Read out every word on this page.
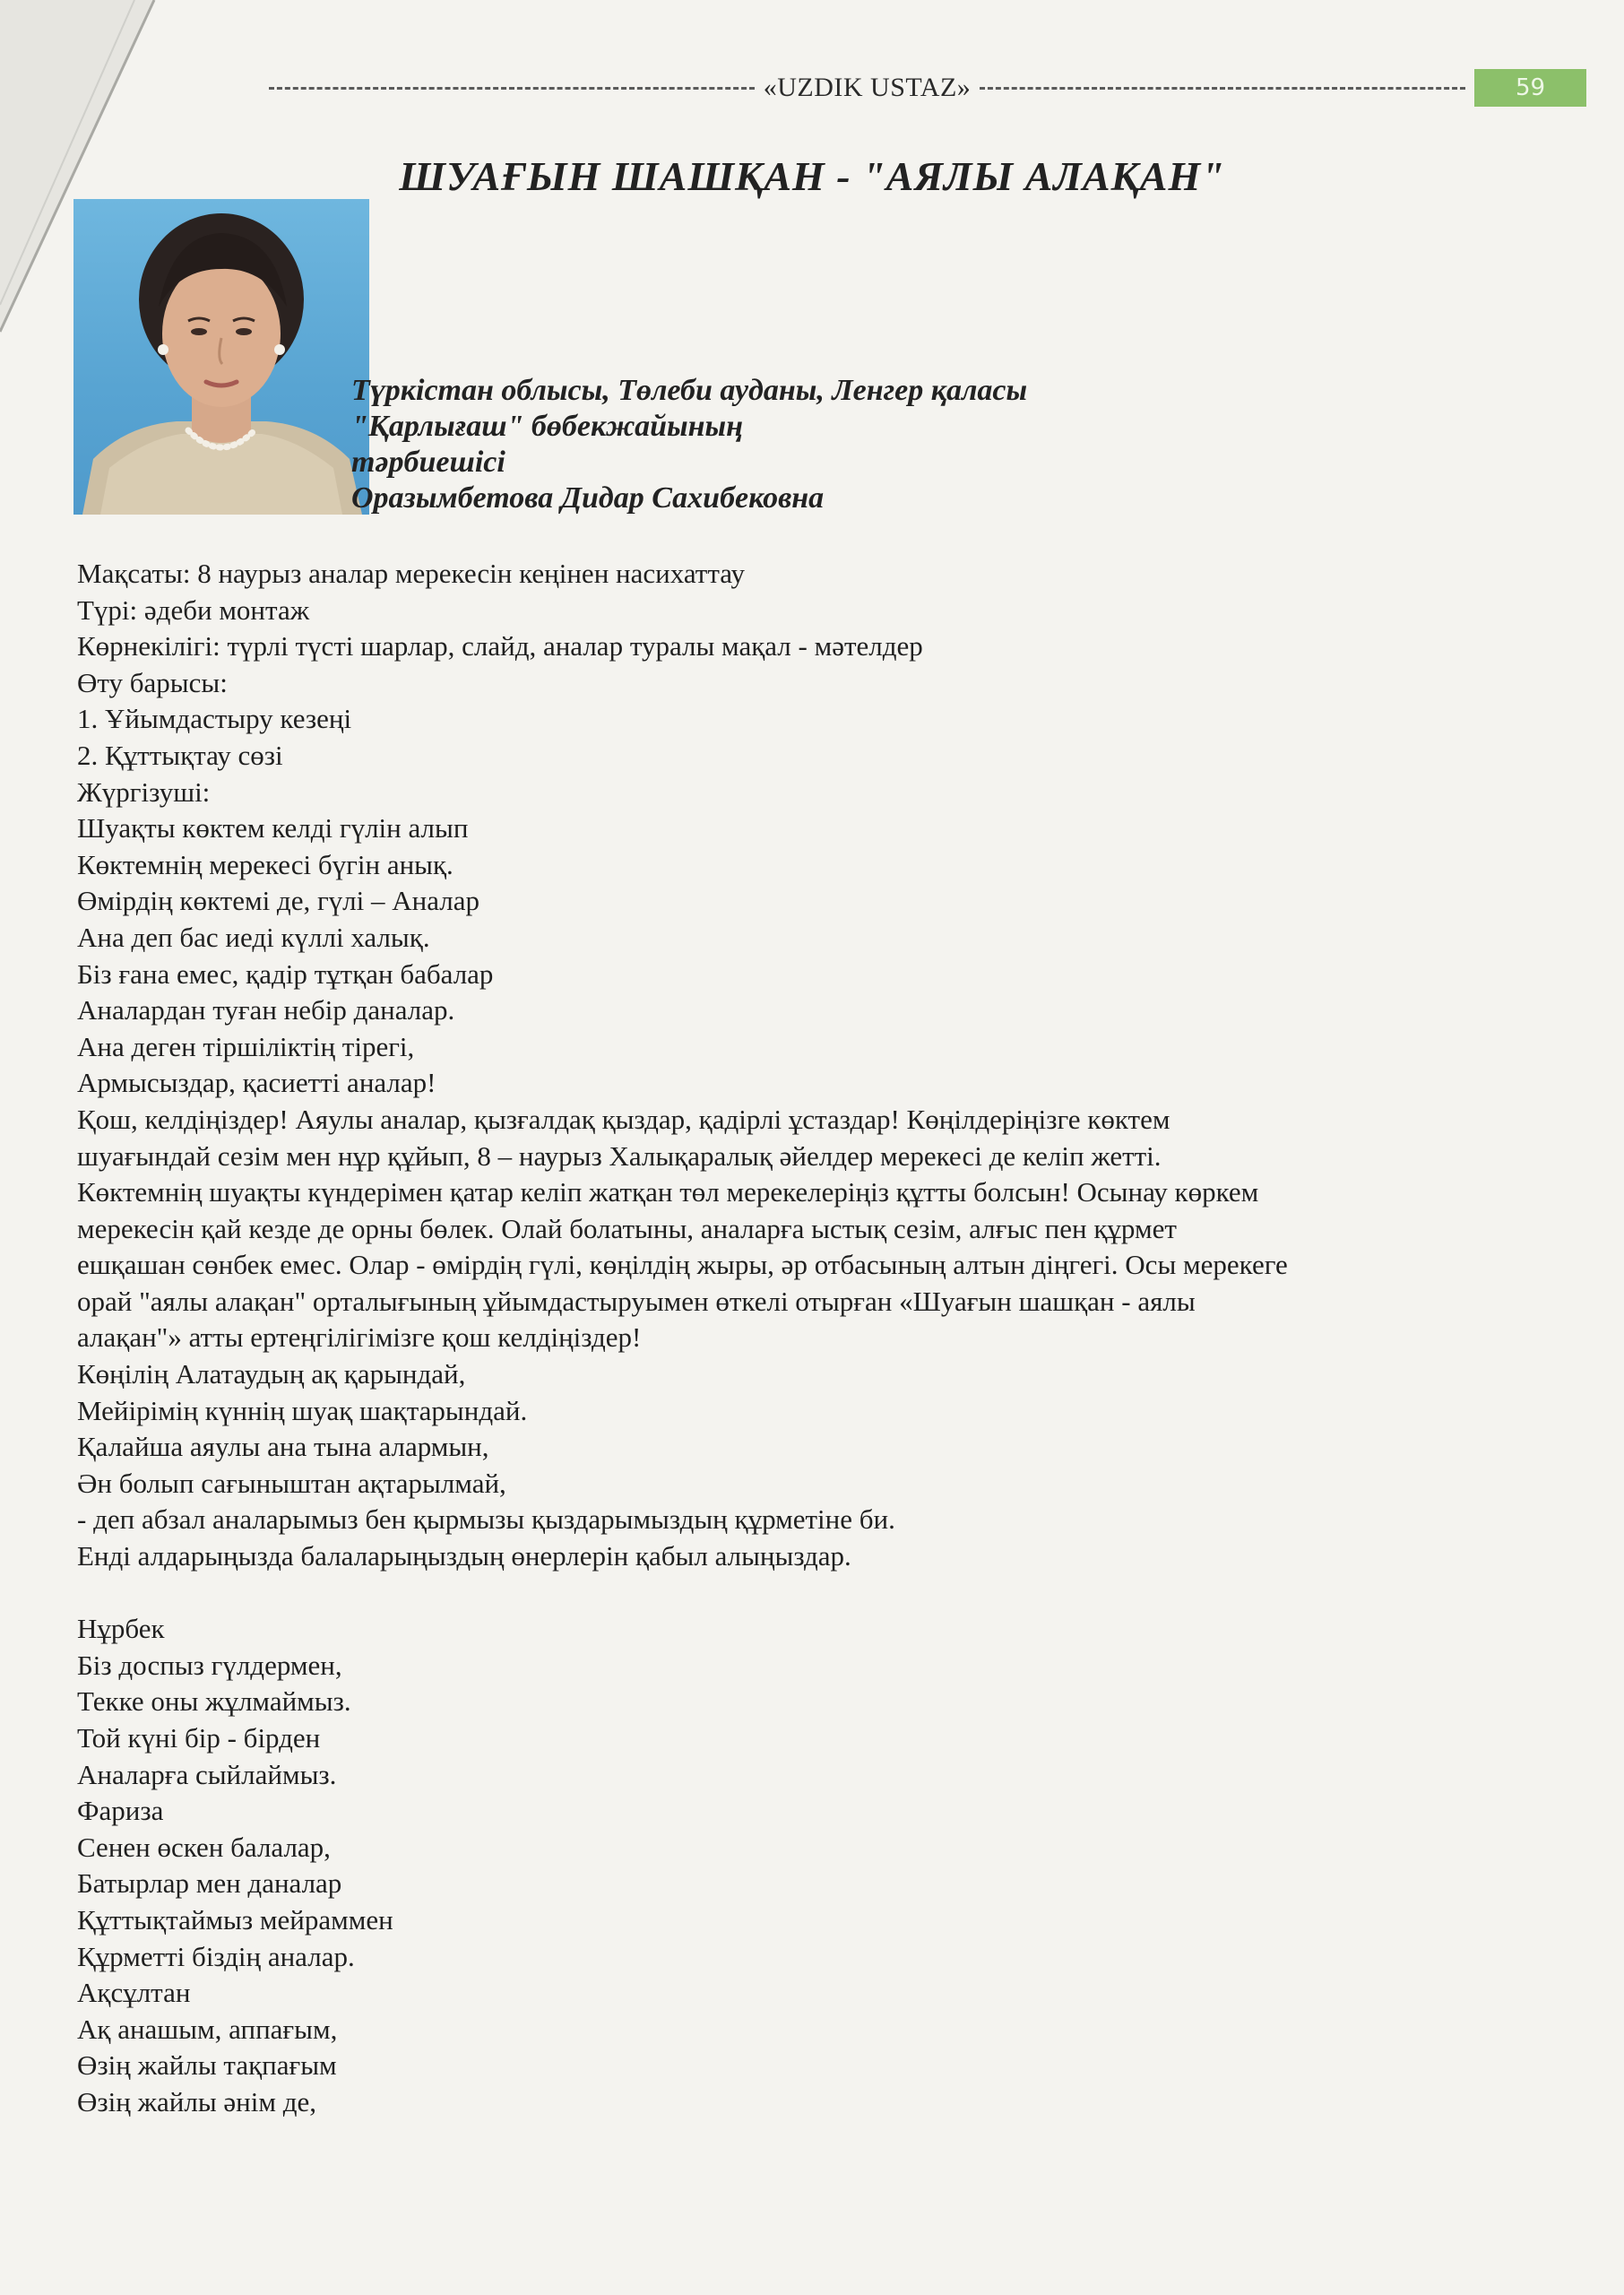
«UZDIK USTAZ»	59
ШУАҒЫН ШАШҚАН - "АЯЛЫ АЛАҚАН"
Түркістан облысы, Төлеби ауданы, Ленгер қаласы
"Қарлығаш" бөбекжайының
тәрбиешісі
Оразымбетова Дидар Сахибековна
Мақсаты: 8 наурыз аналар мерекесін кеңінен насихаттау
Түрі: әдеби монтаж
Көрнекілігі: түрлі түсті шарлар, слайд, аналар туралы мақал - мәтелдер
Өту барысы:
1. Ұйымдастыру кезеңі
2. Құттықтау сөзі
Жүргізуші:
Шуақты көктем келді гүлін алып
Көктемнің мерекесі бүгін анық.
Өмірдің көктемі де, гүлі – Аналар
Ана деп бас иеді күллі халық.
Біз ғана емес, қадір тұтқан бабалар
Аналардан туған небір даналар.
Ана деген тіршіліктің тірегі,
Армысыздар, қасиетті аналар!
Қош, келдіңіздер! Аяулы аналар, қызғалдақ қыздар, қадірлі ұстаздар! Көңілдеріңізге көктем
шуағындай сезім мен нұр құйып, 8 – наурыз Халықаралық әйелдер мерекесі де келіп жетті.
Көктемнің шуақты күндерімен қатар келіп жатқан төл мерекелеріңіз құтты болсын! Осынау көркем
мерекесін қай кезде де орны бөлек. Олай болатыны, аналарға ыстық сезім, алғыс пен құрмет
ешқашан сөнбек емес. Олар - өмірдің гүлі, көңілдің жыры, әр отбасының алтын діңгегі. Осы мерекеге
орай "аялы алақан" орталығының ұйымдастыруымен өткелі отырған «Шуағын шашқан - аялы
алақан"» атты ертеңгілігімізге қош келдіңіздер!
Көңілің Алатаудың ақ қарындай,
Мейірімің күннің шуақ шақтарындай.
Қалайша аяулы ана тына алармын,
Ән болып сағыныштан ақтарылмай,
- деп абзал аналарымыз бен қырмызы қыздарымыздың құрметіне би.
Енді алдарыңызда балаларыңыздың өнерлерін қабыл алыңыздар.
Нұрбек
Біз доспыз гүлдермен,
Текке оны жұлмаймыз.
Той күні бір - бірден
Аналарға сыйлаймыз.
Фариза
Сенен өскен балалар,
Батырлар мен даналар
Құттықтаймыз мейраммен
Құрметті біздің аналар.
Ақсұлтан
Ақ анашым, аппағым,
Өзің жайлы тақпағым
Өзің жайлы әнім де,
